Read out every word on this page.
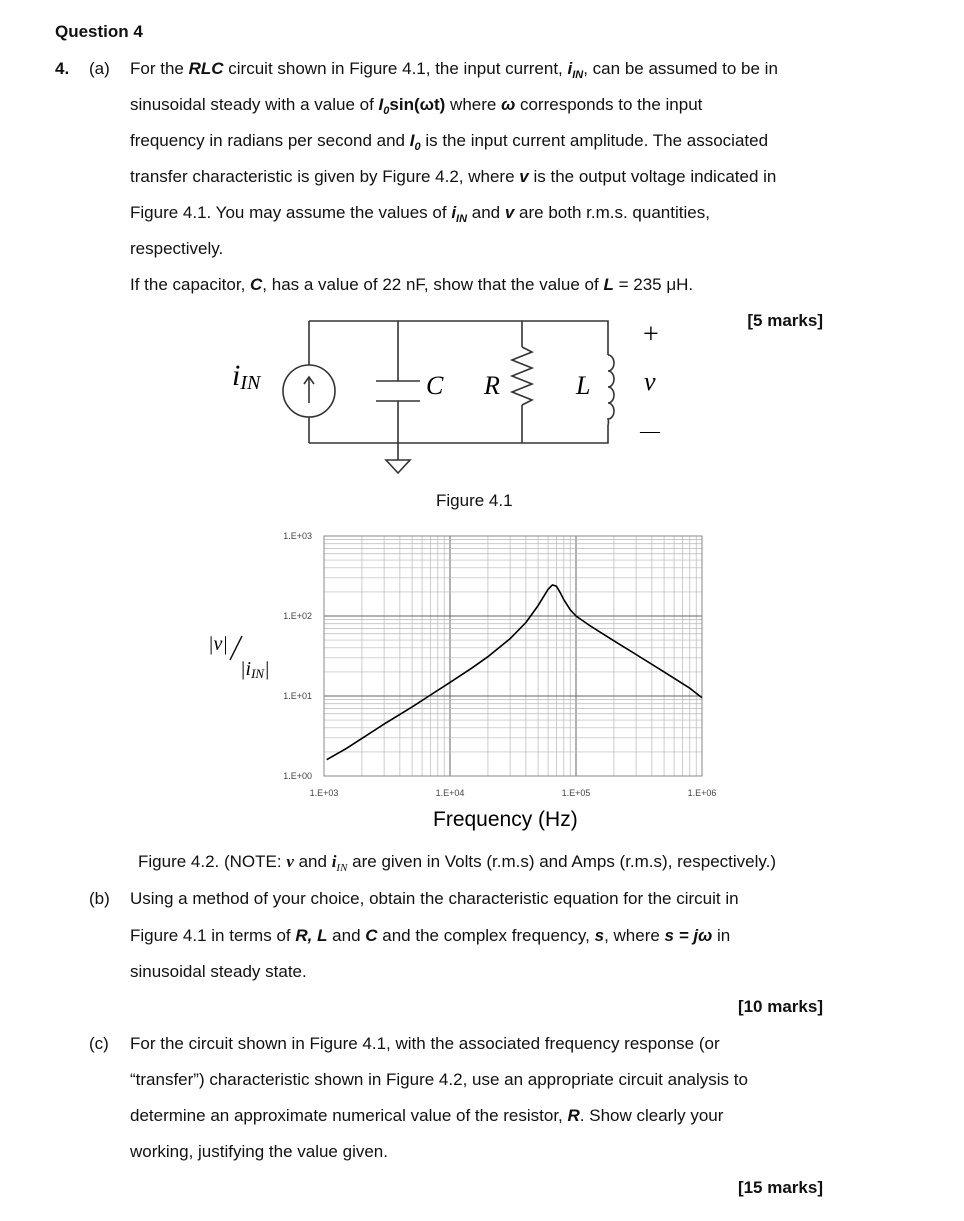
Question 4
4. (a) For the RLC circuit shown in Figure 4.1, the input current, $i_{IN}$, can be assumed to be in
sinusoidal steady with a value of $I_0\sin(\omega t)$ where ω corresponds to the input
frequency in radians per second and $I_0$ is the input current amplitude. The associated
transfer characteristic is given by Figure 4.2, where v is the output voltage indicated in
Figure 4.1. You may assume the values of $i_{IN}$ and v are both r.m.s. quantities,
respectively.
If the capacitor, C, has a value of 22 nF, show that the value of L = 235 μH.
[5 marks]
iIN	C R	L
+
v
—
Figure 4.1
1.E+03	1.E+04	1.E+05	1.E+06
1.E+00
1.E+01
1.E+02
1.E+03
|v|
|iIN|
Frequency (Hz)
Figure 4.2. (NOTE: v and $i_{IN}$ are given in Volts (r.m.s) and Amps (r.m.s), respectively.)
(b) Using a method of your choice, obtain the characteristic equation for the circuit in
Figure 4.1 in terms of R, L and C and the complex frequency, s, where s = jω in
sinusoidal steady state.
[10 marks]
(c) For the circuit shown in Figure 4.1, with the associated frequency response (or
“transfer”) characteristic shown in Figure 4.2, use an appropriate circuit analysis to
determine an approximate numerical value of the resistor, R. Show clearly your
working, justifying the value given.
[15 marks]
